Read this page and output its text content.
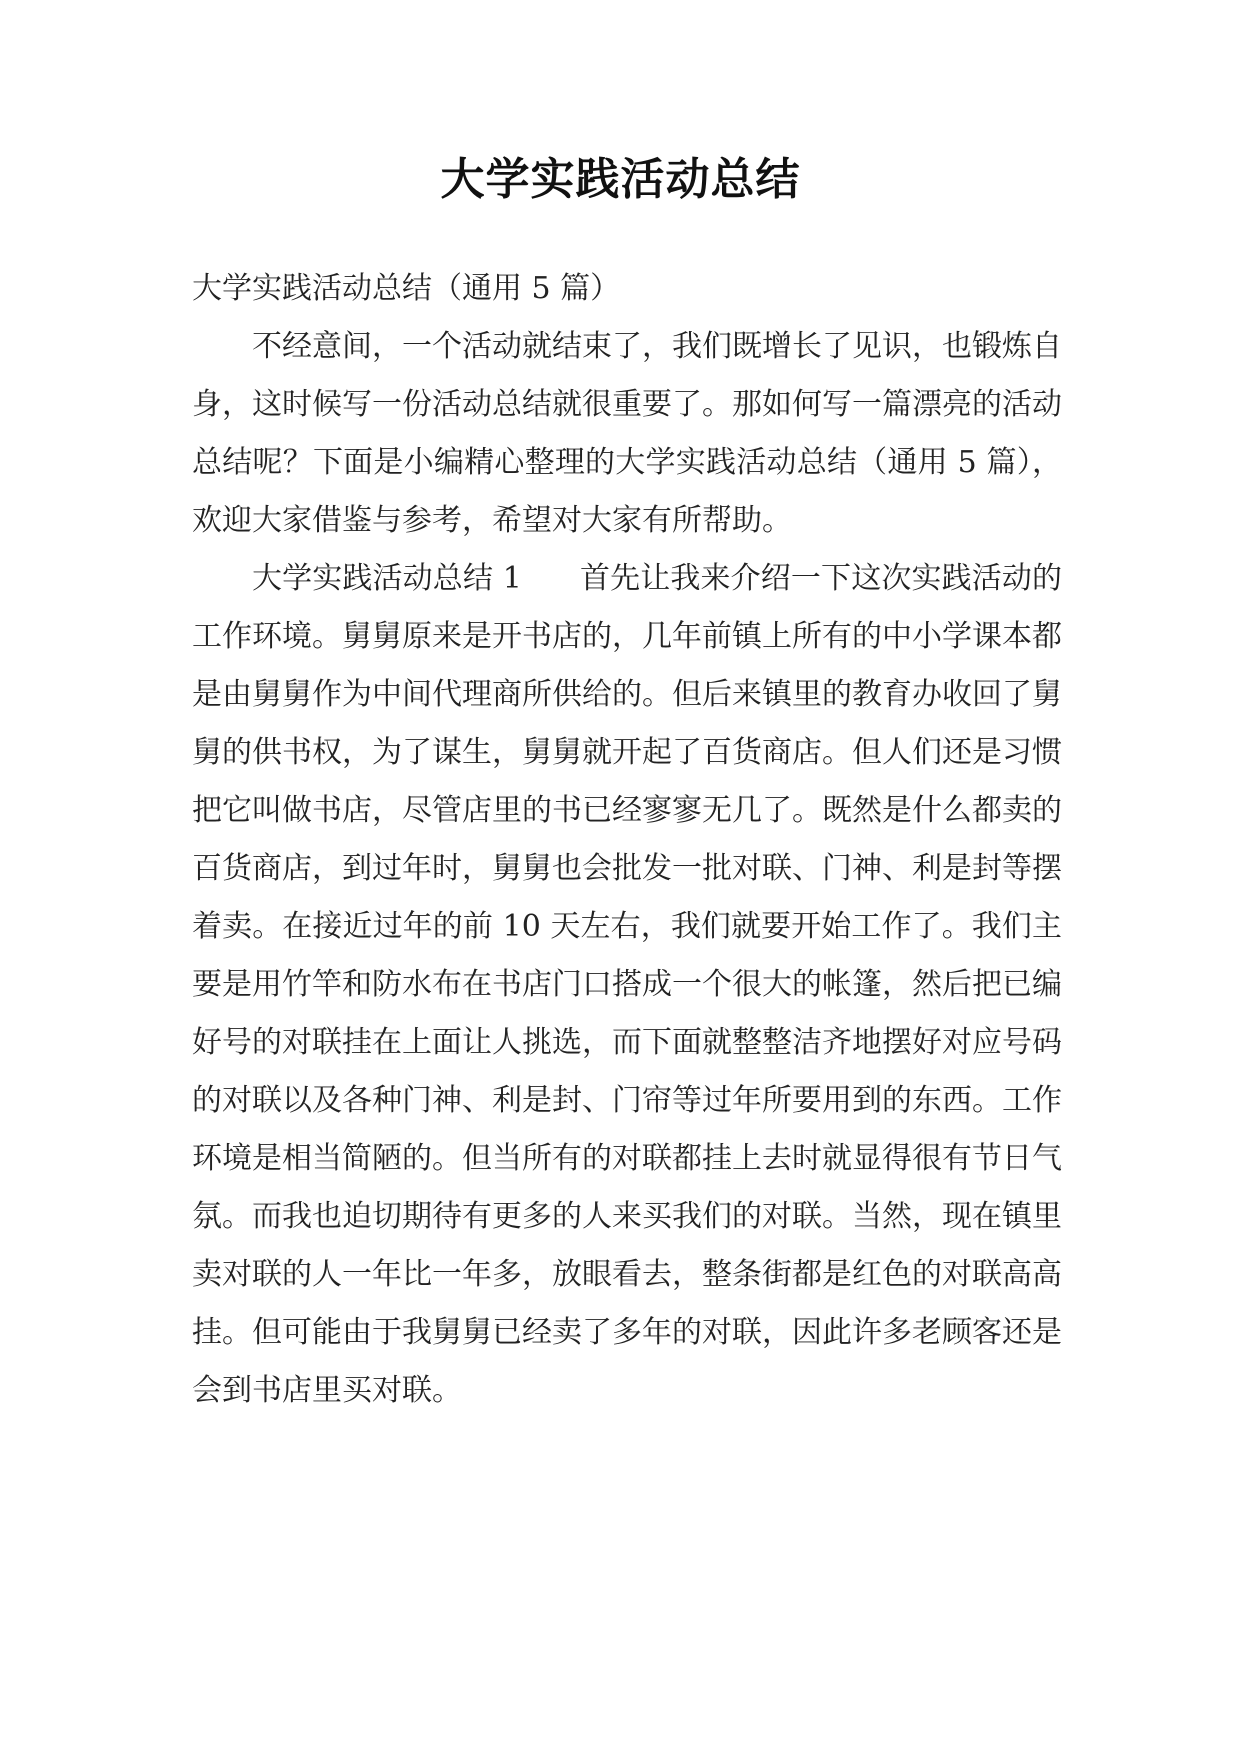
大学实践活动总结

大学实践活动总结（通用 5 篇）

不经意间，一个活动就结束了，我们既增长了见识，也锻炼自身，这时候写一份活动总结就很重要了。那如何写一篇漂亮的活动总结呢？下面是小编精心整理的大学实践活动总结（通用 5 篇），欢迎大家借鉴与参考，希望对大家有所帮助。

大学实践活动总结 1 首先让我来介绍一下这次实践活动的工作环境。舅舅原来是开书店的，几年前镇上所有的中小学课本都是由舅舅作为中间代理商所供给的。但后来镇里的教育办收回了舅舅的供书权，为了谋生，舅舅就开起了百货商店。但人们还是习惯把它叫做书店，尽管店里的书已经寥寥无几了。既然是什么都卖的百货商店，到过年时，舅舅也会批发一批对联、门神、利是封等摆着卖。在接近过年的前 10 天左右，我们就要开始工作了。我们主要是用竹竿和防水布在书店门口搭成一个很大的帐篷，然后把已编好号的对联挂在上面让人挑选，而下面就整整洁齐地摆好对应号码的对联以及各种门神、利是封、门帘等过年所要用到的东西。工作环境是相当简陋的。但当所有的对联都挂上去时就显得很有节日气氛。而我也迫切期待有更多的人来买我们的对联。当然，现在镇里卖对联的人一年比一年多，放眼看去，整条街都是红色的对联高高挂。但可能由于我舅舅已经卖了多年的对联，因此许多老顾客还是会到书店里买对联。
